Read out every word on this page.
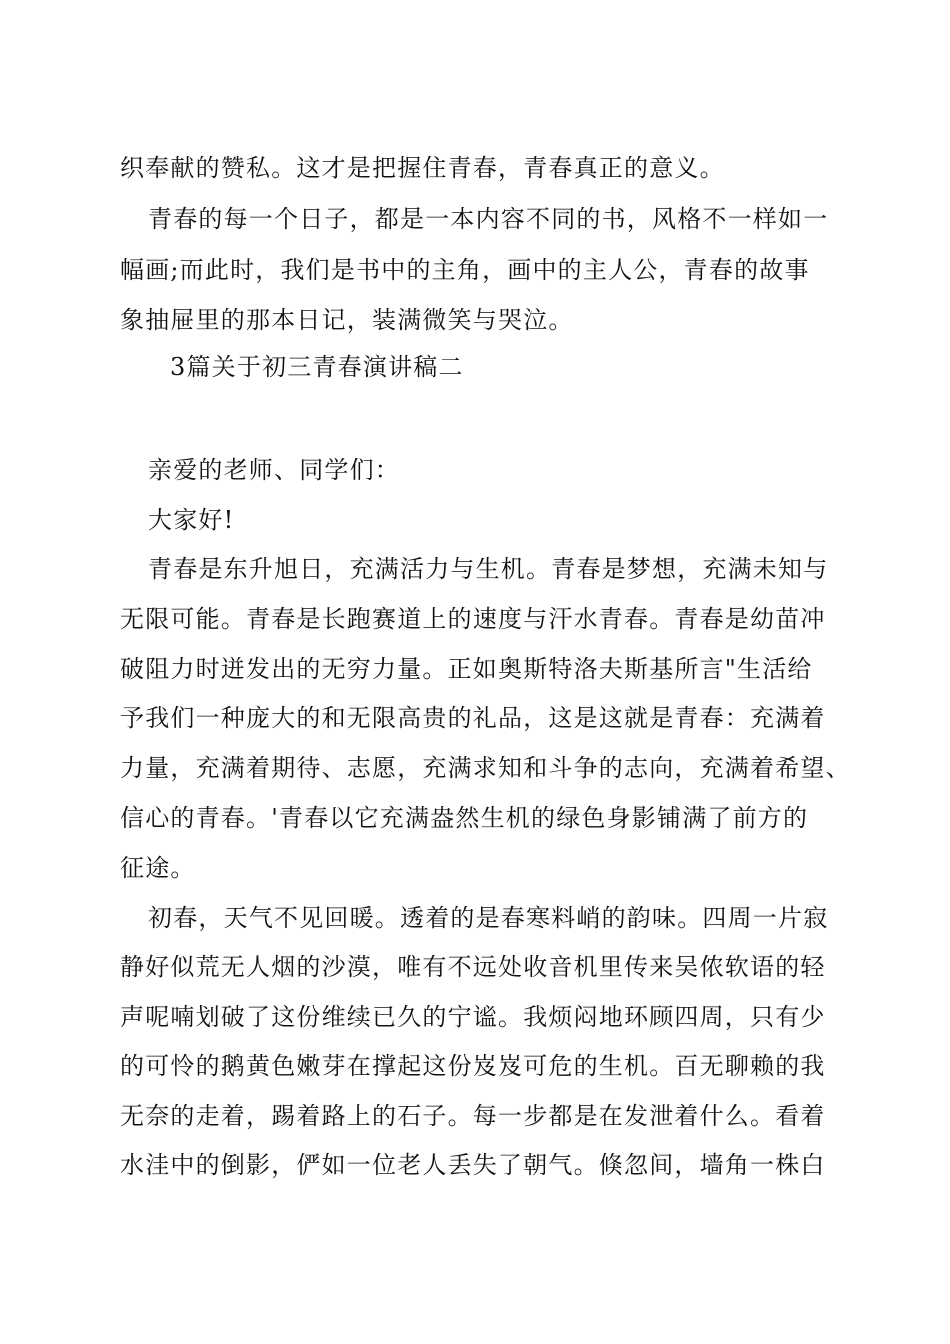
织奉献的赞私。这才是把握住青春，青春真正的意义。
青春的每一个日子，都是一本内容不同的书，风格不一样如一
幅画;而此时，我们是书中的主角，画中的主人公，青春的故事
象抽屉里的那本日记，装满微笑与哭泣。
3篇关于初三青春演讲稿二
亲爱的老师、同学们：
大家好!
青春是东升旭日，充满活力与生机。青春是梦想，充满未知与
无限可能。青春是长跑赛道上的速度与汗水青春。青春是幼苗冲
破阻力时迸发出的无穷力量。正如奥斯特洛夫斯基所言"生活给
予我们一种庞大的和无限高贵的礼品，这是这就是青春：充满着
力量，充满着期待、志愿，充满求知和斗争的志向，充满着希望、
信心的青春。'青春以它充满盎然生机的绿色身影铺满了前方的
征途。
初春，天气不见回暖。透着的是春寒料峭的韵味。四周一片寂
静好似荒无人烟的沙漠，唯有不远处收音机里传来吴侬软语的轻
声呢喃划破了这份维续已久的宁谧。我烦闷地环顾四周，只有少
的可怜的鹅黄色嫩芽在撑起这份岌岌可危的生机。百无聊赖的我
无奈的走着，踢着路上的石子。每一步都是在发泄着什么。看着
水洼中的倒影，俨如一位老人丢失了朝气。倏忽间，墙角一株白
